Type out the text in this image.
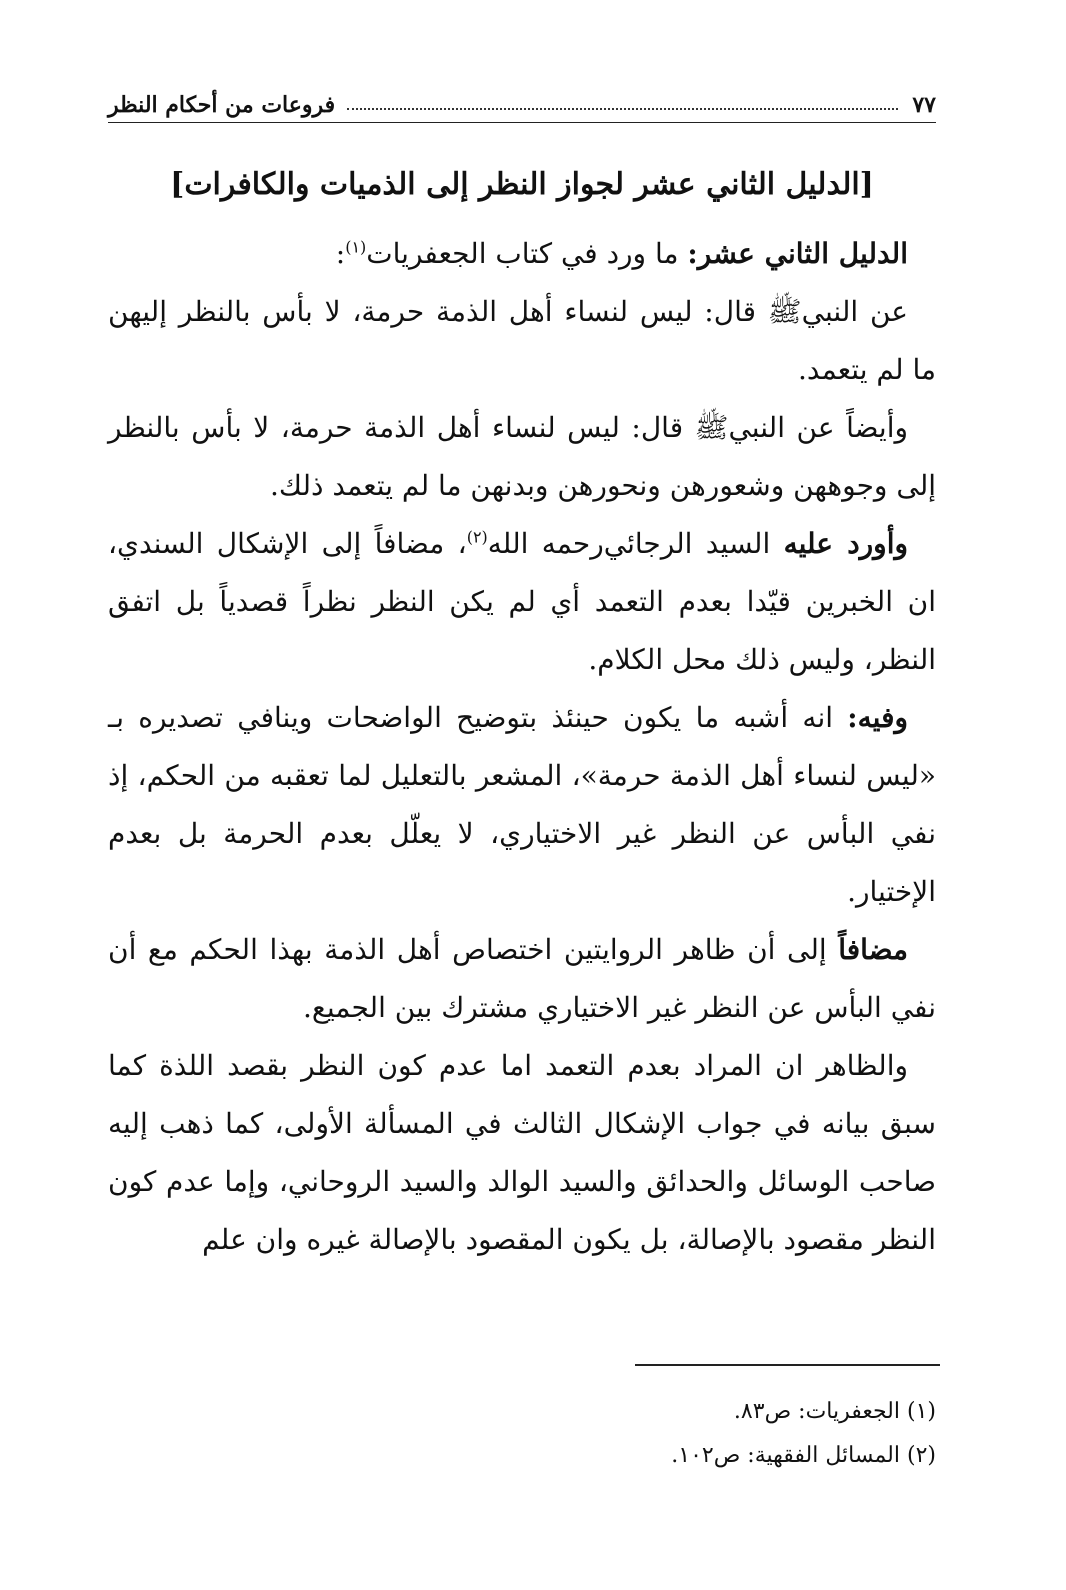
٧٧
فروعات من أحكام النظر
[الدليل الثاني عشر لجواز النظر إلى الذميات والكافرات]

الدليل الثاني عشر: ما ورد في كتاب الجعفريات$^{(١)}$:

عن النبي‌ﷺ قال: ليس لنساء أهل الذمة حرمة، لا بأس بالنظر إليهن ما لم يتعمد.

وأيضاً عن النبي‌ﷺ قال: ليس لنساء أهل الذمة حرمة، لا بأس بالنظر إلى وجوههن وشعورهن ونحورهن وبدنهن ما لم يتعمد ذلك.

وأورد عليه السيد الرجائي‌رحمه الله$^{(٢)}$، مضافاً إلى الإشكال السندي، ان الخبرين قيّدا بعدم التعمد أي لم يكن النظر نظراً قصدياً بل اتفق النظر، وليس ذلك محل الكلام.

وفيه: انه أشبه ما يكون حينئذ بتوضيح الواضحات وينافي تصديره بـ «ليس لنساء أهل الذمة حرمة»، المشعر بالتعليل لما تعقبه من الحكم، إذ نفي البأس عن النظر غير الاختياري، لا يعلّل بعدم الحرمة بل بعدم الإختيار.

مضافاً إلى أن ظاهر الروايتين اختصاص أهل الذمة بهذا الحكم مع أن نفي البأس عن النظر غير الاختياري مشترك بين الجميع.

والظاهر ان المراد بعدم التعمد اما عدم كون النظر بقصد اللذة كما سبق بيانه في جواب الإشكال الثالث في المسألة الأولى، كما ذهب إليه صاحب الوسائل والحدائق والسيد الوالد والسيد الروحاني، وإما عدم كون النظر مقصود بالإصالة، بل يكون المقصود بالإصالة غيره وان علم

(١) الجعفريات: ص٨٣.
(٢) المسائل الفقهية: ص١٠٢.
